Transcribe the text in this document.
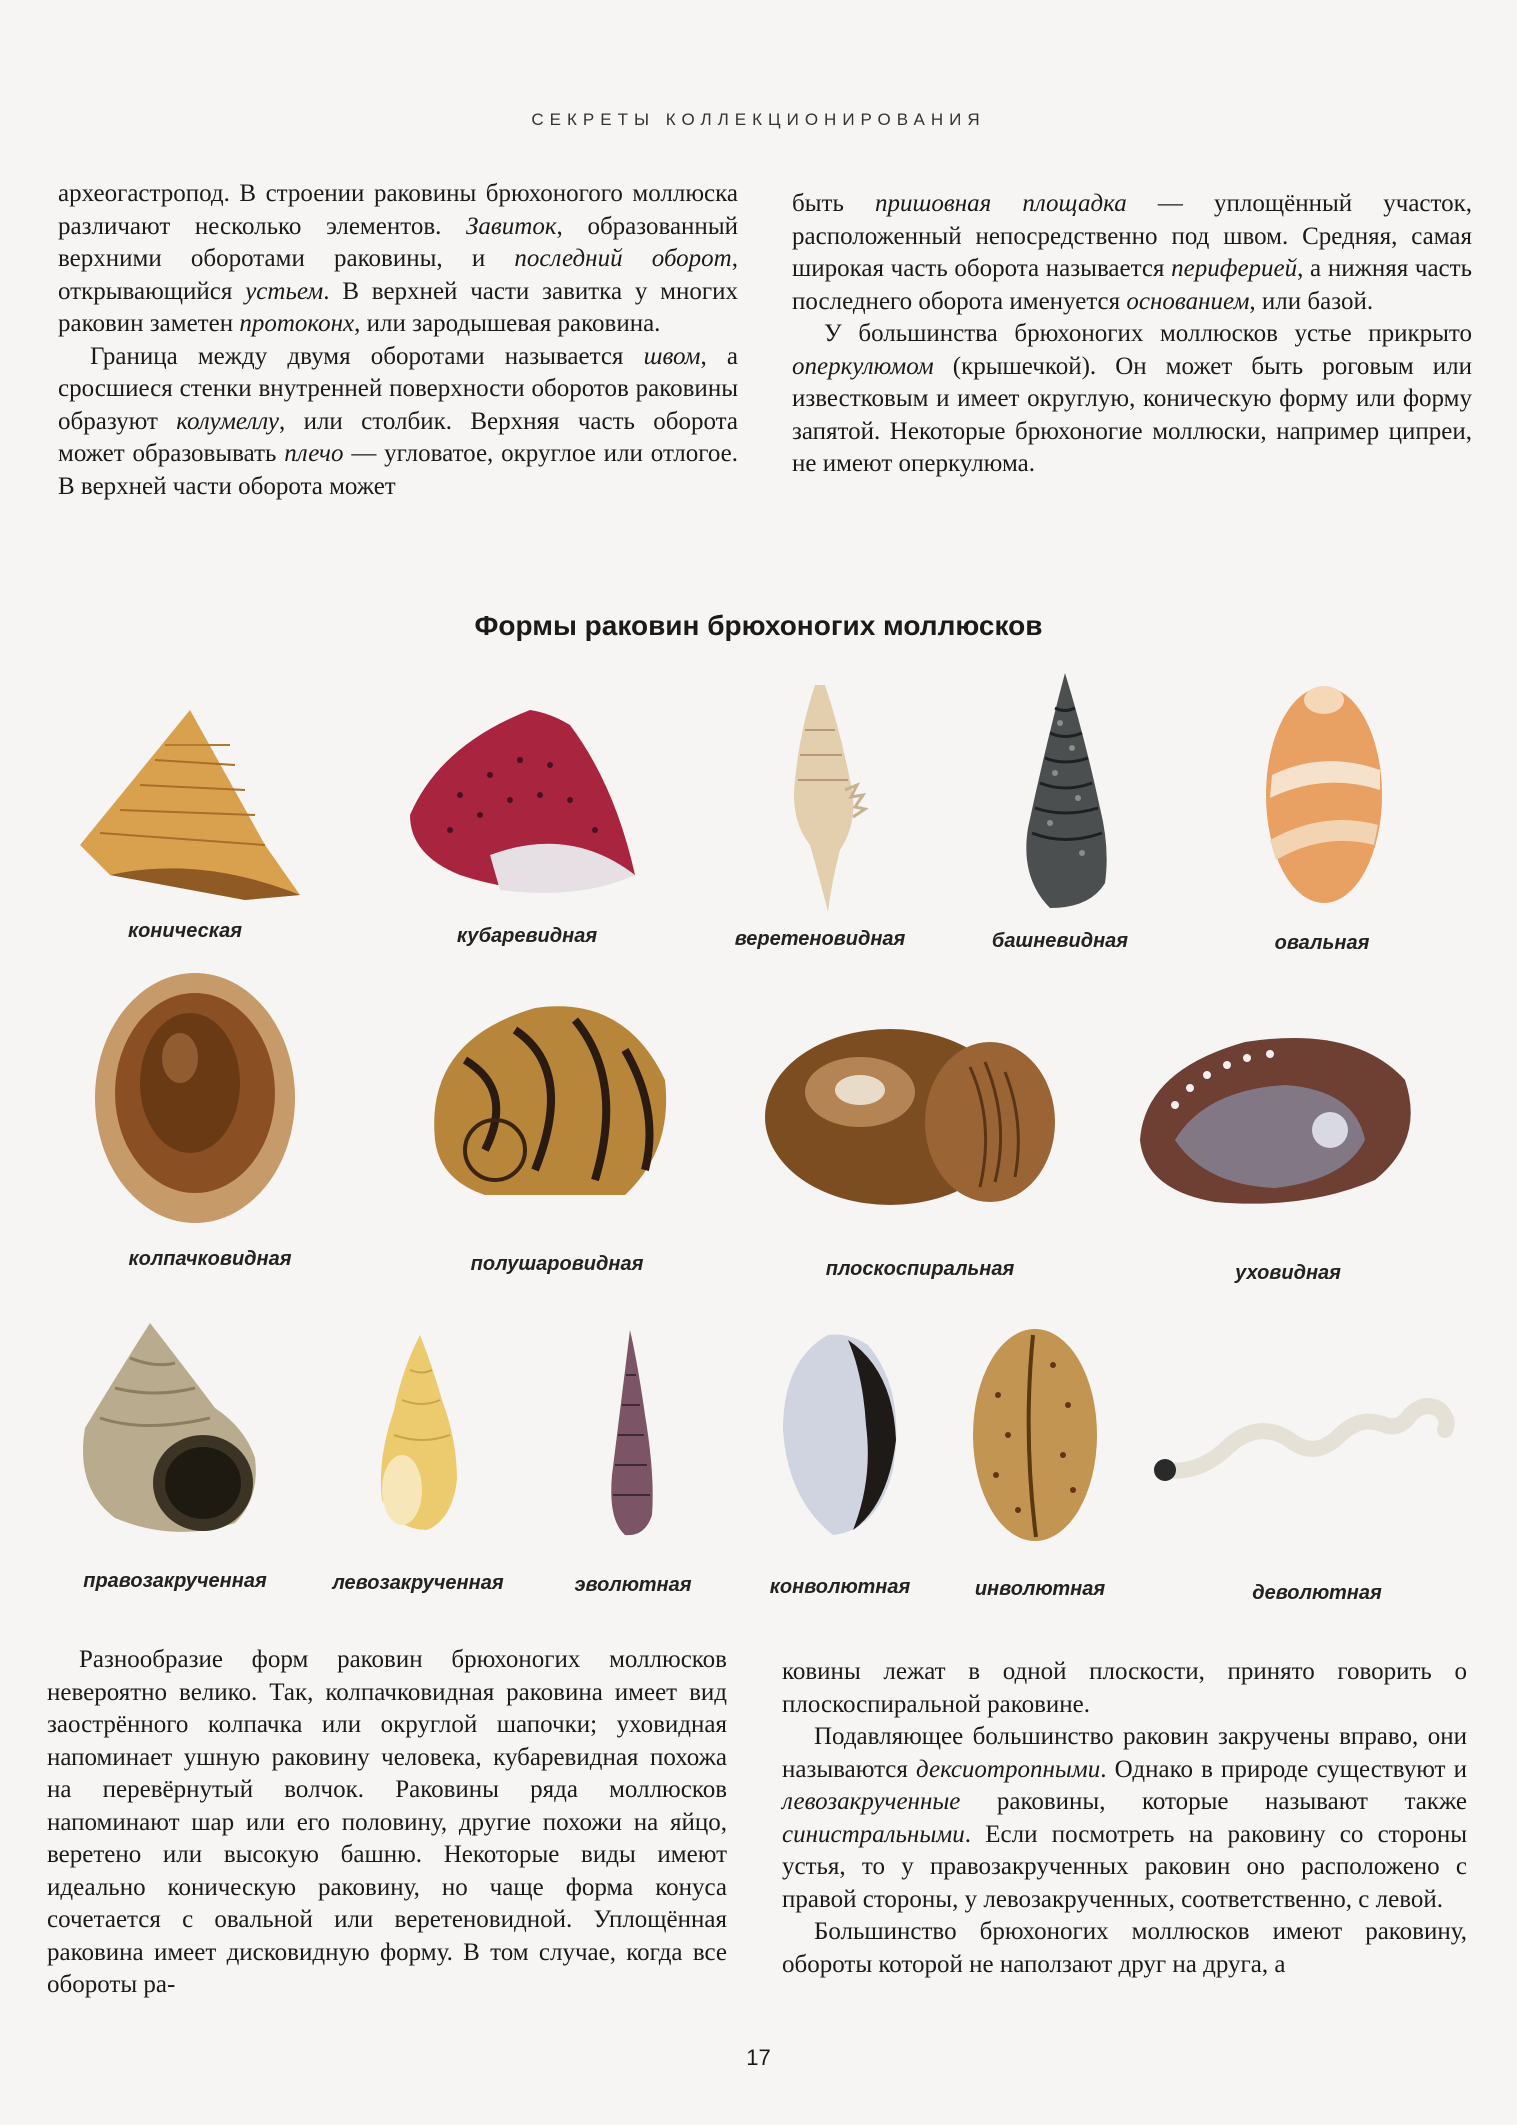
СЕКРЕТЫ КОЛЛЕКЦИОНИРОВАНИЯ

археогастропод. В строении раковины брюхоногого моллюска различают несколько элементов. Завиток, образованный верхними оборотами раковины, и последний оборот, открывающийся устьем. В верхней части завитка у многих раковин заметен протоконх, или зародышевая раковина.

Граница между двумя оборотами называется швом, а сросшиеся стенки внутренней поверхности оборотов раковины образуют колумеллу, или столбик. Верхняя часть оборота может образовывать плечо — угловатое, округлое или отлогое. В верхней части оборота может

быть пришовная площадка — уплощённый участок, расположенный непосредственно под швом. Средняя, самая широкая часть оборота называется периферией, а нижняя часть последнего оборота именуется основанием, или базой.

У большинства брюхоногих моллюсков устье прикрыто оперкулюмом (крышечкой). Он может быть роговым или известковым и имеет округлую, коническую форму или форму запятой. Некоторые брюхоногие моллюски, например ципреи, не имеют оперкулюма.

Формы раковин брюхоногих моллюсков
коническая	кубаревидная	веретеновидная	башневидная	овальная
колпачковидная	полушаровидная	плоскоспиральная	уховидная
правозакрученная	левозакрученная	эволютная	конволютная	инволютная	деволютная

Разнообразие форм раковин брюхоногих моллюсков невероятно велико. Так, колпачковидная раковина имеет вид заострённого колпачка или округлой шапочки; уховидная напоминает ушную раковину человека, кубаревидная похожа на перевёрнутый волчок. Раковины ряда моллюсков напоминают шар или его половину, другие похожи на яйцо, веретено или высокую башню. Некоторые виды имеют идеально коническую раковину, но чаще форма конуса сочетается с овальной или веретеновидной. Уплощённая раковина имеет дисковидную форму. В том случае, когда все обороты ра-

ковины лежат в одной плоскости, принято говорить о плоскоспиральной раковине.

Подавляющее большинство раковин закручены вправо, они называются дексиотропными. Однако в природе существуют и левозакрученные раковины, которые называют также синистральными. Если посмотреть на раковину со стороны устья, то у правозакрученных раковин оно расположено с правой стороны, у левозакрученных, соответственно, с левой.

Большинство брюхоногих моллюсков имеют раковину, обороты которой не наползают друг на друга, а

17
